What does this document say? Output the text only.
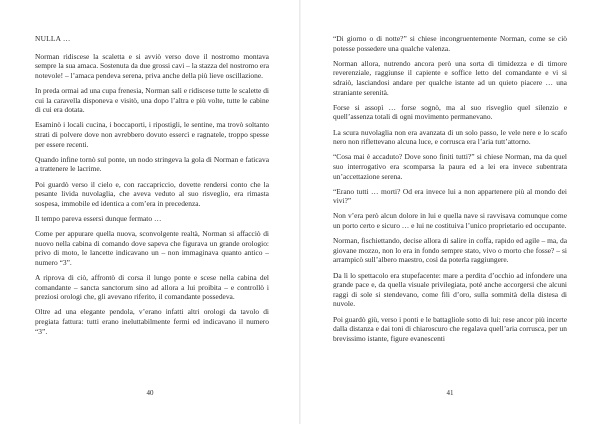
NULLA …

Norman ridiscese la scaletta e si avviò verso dove il nostromo montava sempre la sua amaca. Sostenuta da due grossi cavi – la stazza del nostromo era notevole! – l’amaca pendeva serena, priva anche della più lieve oscillazione.

In preda ormai ad una cupa frenesia, Norman salì e ridiscese tutte le scalette di cui la caravella disponeva e visitò, una dopo l’altra e più volte, tutte le cabine di cui era dotata.

Esaminò i locali cucina, i boccaporti, i ripostigli, le sentine, ma trovò soltanto strati di polvere dove non avrebbero dovuto essercì e ragnatele, troppo spesse per essere recenti.

Quando infine tornò sul ponte, un nodo stringeva la gola di Norman e faticava a trattenere le lacrime.

Poi guardò verso il cielo e, con raccapriccio, dovette rendersi conto che la pesante livida nuvolaglia, che aveva veduto al suo risveglio, era rimasta sospesa, immobile ed identica a com’era in precedenza.

Il tempo pareva essersi dunque fermato …

Come per appurare quella nuova, sconvolgente realtà, Norman si affacciò di nuovo nella cabina di comando dove sapeva che figurava un grande orologio: privo di moto, le lancette indicavano un – non immaginava quanto antico – numero “3”.

A riprova di ciò, affrontò di corsa il lungo ponte e scese nella cabina del comandante – sancta sanctorum sino ad allora a lui proibita – e controllò i preziosi orologi che, gli avevano riferito, il comandante possedeva.

Oltre ad una elegante pendola, v’erano infatti altri orologi da tavolo di pregiata fattura: tutti erano ineluttabilmente fermi ed indicavano il numero “3”.

40

“Di giorno o di notte?” si chiese incongruentemente Norman, come se ciò potesse possedere una qualche valenza.

Norman allora, nutrendo ancora però una sorta di timidezza e di timore reverenziale, raggiunse il capiente e soffice letto del comandante e vi si sdraiò, lasciandosi andare per qualche istante ad un quieto piacere … una straniante serenità.

Forse si assopì … forse sognò, ma al suo risveglio quel silenzio e quell’assenza totali di ogni movimento permanevano.

La scura nuvolaglia non era avanzata di un solo passo, le vele nere e lo scafo nero non riflettevano alcuna luce, e corrusca era l’aria tutt’attorno.

“Cosa mai è accaduto? Dove sono finiti tutti?” si chiese Norman, ma da quel suo interrogativo era scomparsa la paura ed a lei era invece subentrata un’accettazione serena.

“Erano tutti … morti? Od era invece lui a non appartenere più al mondo dei vivi?”

Non v’era però alcun dolore in lui e quella nave si ravvisava comunque come un porto certo e sicuro … e lui ne costituiva l’unico proprietario ed occupante.

Norman, fischiettando, decise allora di salire in coffa, rapido ed agile – ma, da giovane mozzo, non lo era in fondo sempre stato, vivo o morto che fosse? – si arrampicò sull’albero maestro, così da poterla raggiungere.

Da lì lo spettacolo era stupefacente: mare a perdita d’occhio ad infondere una grande pace e, da quella visuale privilegiata, poté anche accorgersi che alcuni raggi di sole si stendevano, come fili d’oro, sulla sommità della distesa di nuvole.

Poi guardò giù, verso i ponti e le battagliole sotto di lui: rese ancor più incerte dalla distanza e dai toni di chiaroscuro che regalava quell’aria corrusca, per un brevissimo istante, figure evanescenti

41
